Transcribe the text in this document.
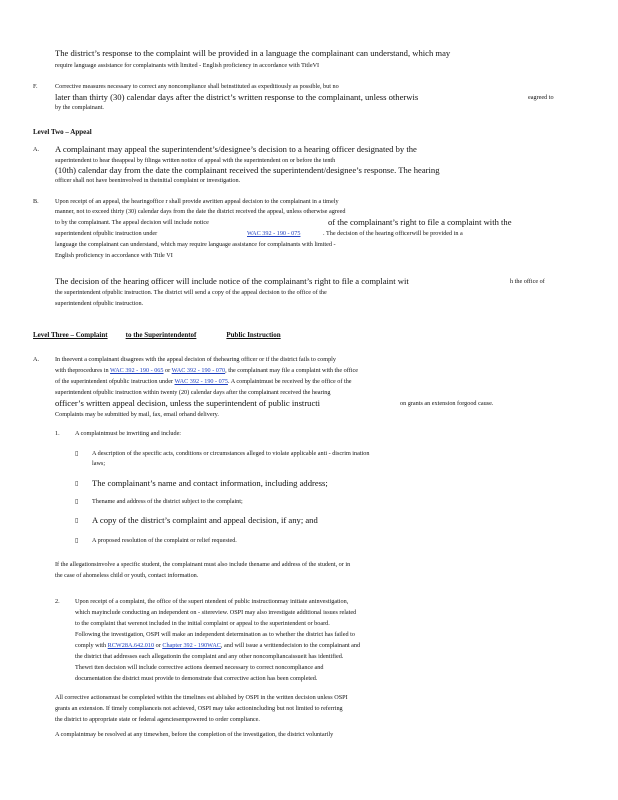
The district’s response to the complaint will be provided in a language the complainant can understand, which may
require language assistance for complainants with limited - English proficiency in accordance with TitleVI
F.	Corrective measures necessary to correct any noncompliance shall beinstituted as expeditiously as possible, but no
later than thirty (30) calendar days after the district’s written response to the complainant, unless otherwis	eagreed to
by the complainant.
Level Two – Appeal
A. A complainant may appeal the superintendent’s/designee’s decision to a hearing officer designated by the
superintendent to hear theappeal by filinga written notice of appeal with the superintendent on or before the tenth
(10th) calendar day from the date the complainant received the superintendent/designee’s response. The hearing
officer shall not have beeninvolved in theinitial complaint or investigation.
B.	Upon receipt of an appeal, the hearingoffice r shall provide awritten appeal decision to the complainant in a timely
manner, not to exceed thirty (30) calendar days from the date the district received the appeal, unless otherwise agreed
to by the complainant. The appeal decision will include notice	of the complainant’s right to file a complaint with the
superintendent ofpublic instruction under	WAC 392 - 190 - 075	. The decision of the hearing officerwill be provided in a
language the complainant can understand, which may require language assistance for complainants with limited -
English proficiency in accordance with Title VI
The decision of the hearing officer will include notice of the complainant’s right to file a complaint wit	h the office of
the superintendent ofpublic instruction. The district will send a copy of the appeal decision to the office of the
superintendent ofpublic instruction.
Level Three – Complaint	to the Superintendentof	Public Instruction
A.	In theevent a complainant disagrees with the appeal decision of thehearing officer or if the district fails to comply
with theprocedures in WAC 392 - 190 - 065 or WAC 392 - 190 - 070, the complainant may file a complaint with the office
of the superintendent ofpublic instruction under WAC 392 - 190 - 075. A complaintmust be received by the office of the
superintendent ofpublic instruction within twenty (20) calendar days after the complainant received the hearing
officer’s written appeal decision, unless the superintendent of public instructi	on grants an extension forgood cause.
Complaints may be submitted by mail, fax, email orhand delivery.
1. A complaintmust be inwriting and include:
▯ A description of the specific acts, conditions or circumstances alleged to violate applicable anti - discrim ination
laws;
▯ The complainant’s name and contact information, including address;
▯ Thename and address of the district subject to the complaint;
▯ A copy of the district’s complaint and appeal decision, if any; and
▯ A proposed resolution of the complaint or relief requested.
If the allegationsinvolve a specific student, the complainant must also include thename and address of the student, or in
the case of ahomeless child or youth, contact information.
2. Upon receipt of a complaint, the office of the superi ntendent of public instructionmay initiate aninvestigation,
which mayinclude conducting an independent on - sitereview. OSPI may also investigate additional issues related
to the complaint that werenot included in the initial complaint or appeal to the superintendent or board.
Following the investigation, OSPI will make an independent determination as to whether the district has failed to
comply with RCW28A.642.010 or Chapter 392 - 190WAC, and will issue a writtendecision to the complainant and
the district that addresses each allegationin the complaint and any other noncompliancaissueit has identified.
Thewri tten decision will include corrective actions deemed necessary to correct noncompliance and
documentation the district must provide to demonstrate that corrective action has been completed.
All corrective actionsmust be completed within the timelines est ablished by OSPI in the written decision unless OSPI
grants an extension. If timely complianceis not achieved, OSPI may take actionincluding but not limited to referring
the district to appropriate state or federal agenciesempowered to order compliance.
A complaintmay be resolved at any timewhen, before the completion of the investigation, the district voluntarily
